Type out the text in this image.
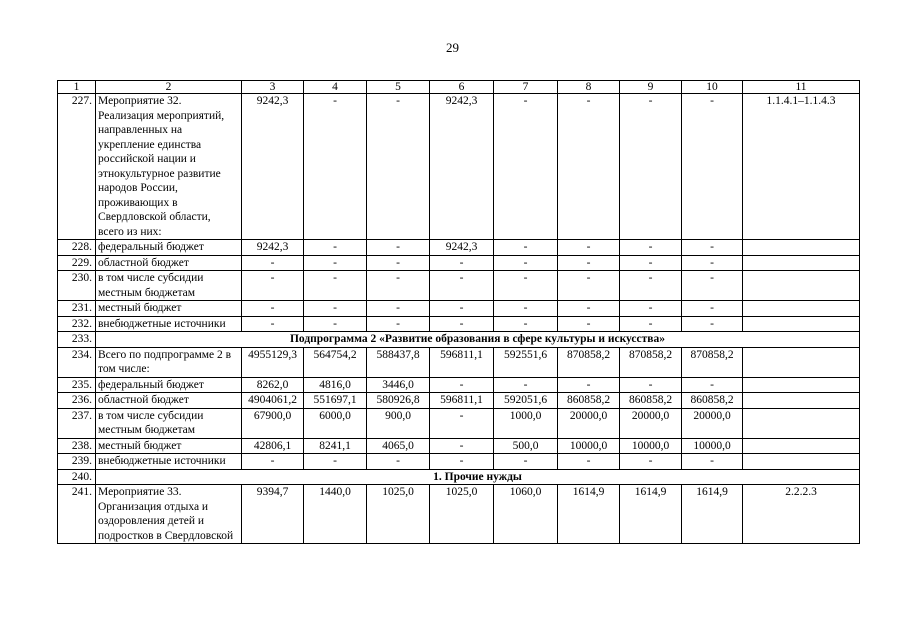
29
1	2	3	4	5	6	7	8	9	10	11
227.	Мероприятие 32. Реализация мероприятий, направленных на укрепление единства российской нации и этнокультурное развитие народов России, проживающих в Свердловской области, всего из них:	9242,3	-	-	9242,3	-	-	-	-	1.1.4.1–1.1.4.3
228.	федеральный бюджет	9242,3	-	-	9242,3	-	-	-	-	
229.	областной бюджет	-	-	-	-	-	-	-	-	
230.	в том числе субсидии местным бюджетам	-	-	-	-	-	-	-	-	
231.	местный бюджет	-	-	-	-	-	-	-	-	
232.	внебюджетные источники	-	-	-	-	-	-	-	-	
233.	Подпрограмма 2 «Развитие образования в сфере культуры и искусства»									
234.	Всего по подпрограмме 2 в том числе:	4955129,3	564754,2	588437,8	596811,1	592551,6	870858,2	870858,2	870858,2	
235.	федеральный бюджет	8262,0	4816,0	3446,0	-	-	-	-	-	
236.	областной бюджет	4904061,2	551697,1	580926,8	596811,1	592051,6	860858,2	860858,2	860858,2	
237.	в том числе субсидии местным бюджетам	67900,0	6000,0	900,0	-	1000,0	20000,0	20000,0	20000,0	
238.	местный бюджет	42806,1	8241,1	4065,0	-	500,0	10000,0	10000,0	10000,0	
239.	внебюджетные источники	-	-	-	-	-	-	-	-	
240.	1. Прочие нужды									
241.	Мероприятие 33. Организация отдыха и оздоровления детей и подростков в Свердловской	9394,7	1440,0	1025,0	1025,0	1060,0	1614,9	1614,9	1614,9	2.2.2.3
